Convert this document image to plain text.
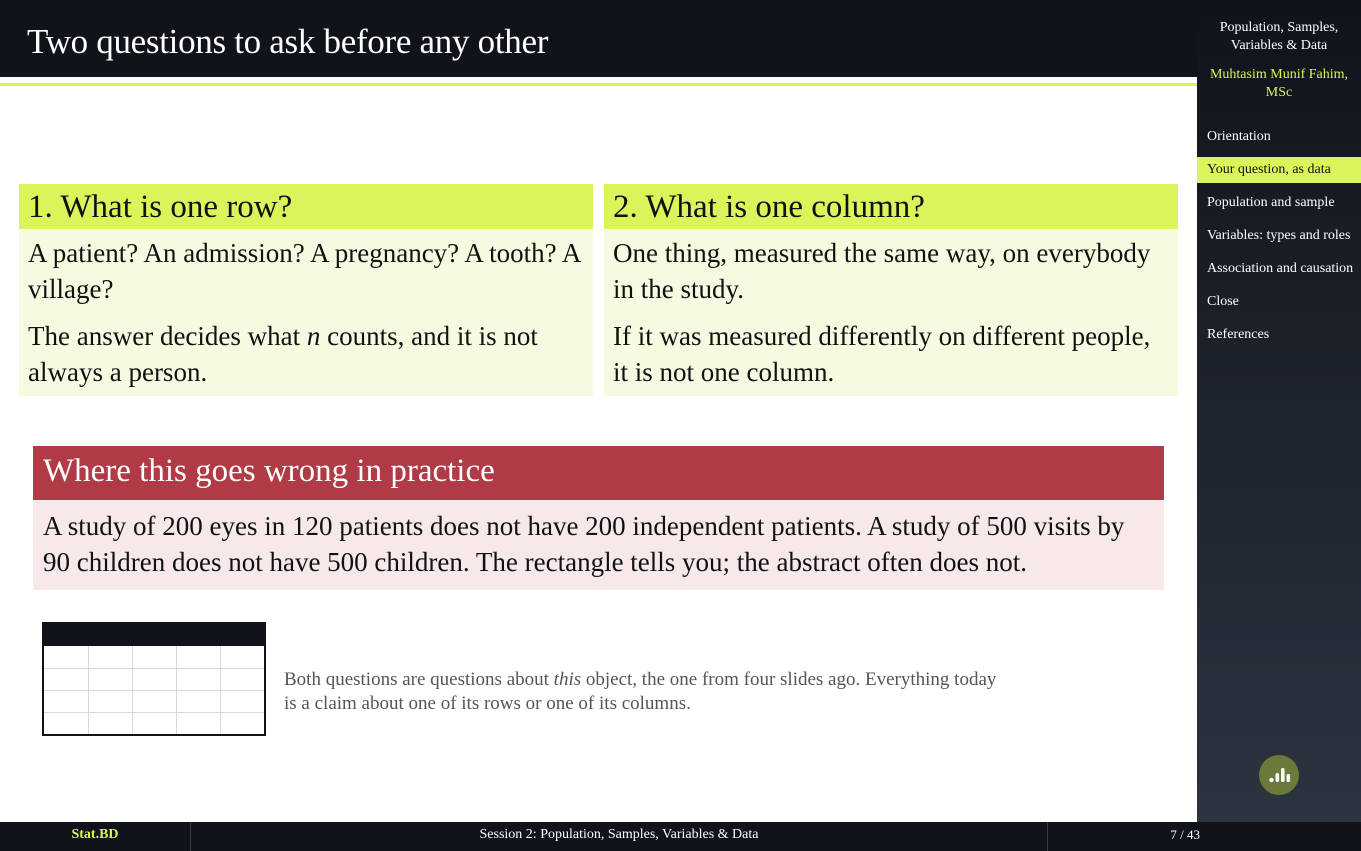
Two questions to ask before any other
1. What is one row?

A patient? An admission? A pregnancy? A tooth? A village?

The answer decides what n counts, and it is not always a person.

2. What is one column?

One thing, measured the same way, on everybody in the study.

If it was measured differently on different people, it is not one column.

Where this goes wrong in practice
A study of 200 eyes in 120 patients does not have 200 independent patients. A study of 500 visits by 90 children does not have 500 children. The rectangle tells you; the abstract often does not.
Both questions are questions about this object, the one from four slides ago. Everything today is a claim about one of its rows or one of its columns.
Population, Samples, Variables & Data
Muhtasim Munif Fahim, MSc
Orientation
Your question, as data
Population and sample
Variables: types and roles
Association and causation
Close
References
Stat.BD	Session 2: Population, Samples, Variables & Data	7 / 43
